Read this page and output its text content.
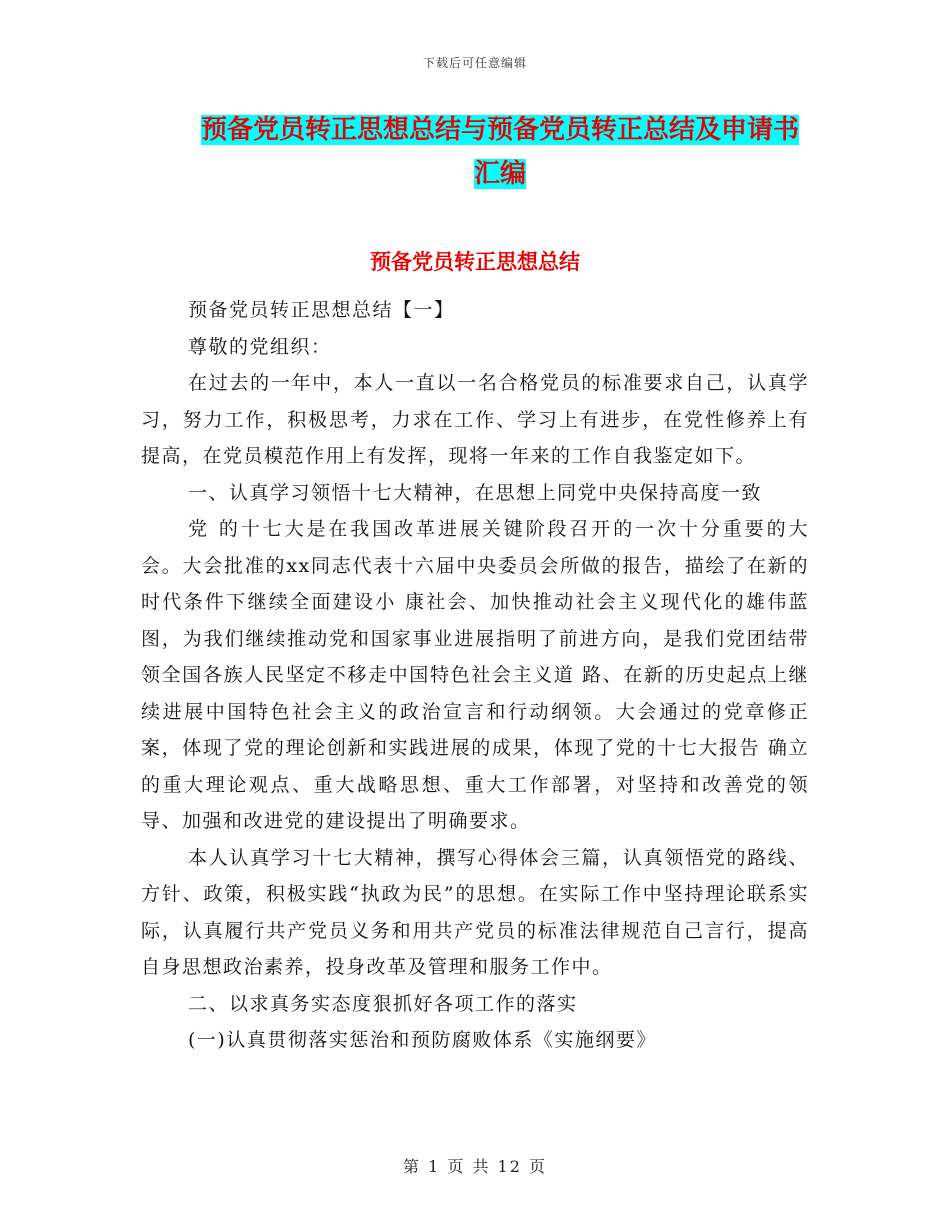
下载后可任意编辑
预备党员转正思想总结与预备党员转正总结及申请书
汇编
预备党员转正思想总结

预备党员转正思想总结【一】

尊敬的党组织：

在过去的一年中，本人一直以一名合格党员的标准要求自己，认真学习，努力工作，积极思考，力求在工作、学习上有进步，在党性修养上有提高，在党员模范作用上有发挥，现将一年来的工作自我鉴定如下。

一、认真学习领悟十七大精神，在思想上同党中央保持高度一致

党 的十七大是在我国改革进展关键阶段召开的一次十分重要的大会。大会批准的xx同志代表十六届中央委员会所做的报告，描绘了在新的时代条件下继续全面建设小 康社会、加快推动社会主义现代化的雄伟蓝图，为我们继续推动党和国家事业进展指明了前进方向，是我们党团结带领全国各族人民坚定不移走中国特色社会主义道 路、在新的历史起点上继续进展中国特色社会主义的政治宣言和行动纲领。大会通过的党章修正案，体现了党的理论创新和实践进展的成果，体现了党的十七大报告 确立的重大理论观点、重大战略思想、重大工作部署，对坚持和改善党的领导、加强和改进党的建设提出了明确要求。

本人认真学习十七大精神，撰写心得体会三篇，认真领悟党的路线、方针、政策，积极实践“执政为民”的思想。在实际工作中坚持理论联系实际，认真履行共产党员义务和用共产党员的标准法律规范自己言行，提高自身思想政治素养，投身改革及管理和服务工作中。

二、以求真务实态度狠抓好各项工作的落实

(一)认真贯彻落实惩治和预防腐败体系《实施纲要》

第 1 页 共 12 页
